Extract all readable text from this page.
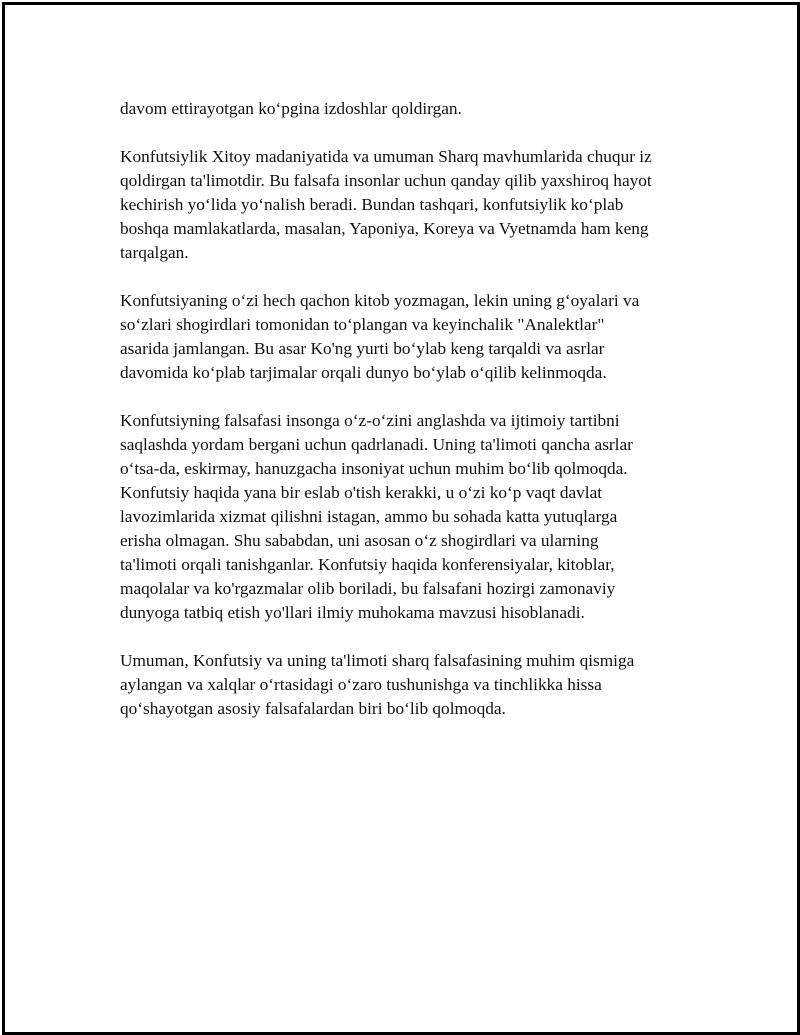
davom ettirayotgan ko‘pgina izdoshlar qoldirgan.

Konfutsiylik Xitoy madaniyatida va umuman Sharq mavhumlarida chuqur iz
qoldirgan ta'limotdir. Bu falsafa insonlar uchun qanday qilib yaxshiroq hayot
kechirish yo‘lida yo‘nalish beradi. Bundan tashqari, konfutsiylik ko‘plab
boshqa mamlakatlarda, masalan, Yaponiya, Koreya va Vyetnamda ham keng
tarqalgan.

Konfutsiyaning o‘zi hech qachon kitob yozmagan, lekin uning g‘oyalari va
so‘zlari shogirdlari tomonidan to‘plangan va keyinchalik "Analektlar"
asarida jamlangan. Bu asar Ko'ng yurti bo‘ylab keng tarqaldi va asrlar
davomida ko‘plab tarjimalar orqali dunyo bo‘ylab o‘qilib kelinmoqda.

Konfutsiyning falsafasi insonga o‘z-o‘zini anglashda va ijtimoiy tartibni
saqlashda yordam bergani uchun qadrlanadi. Uning ta'limoti qancha asrlar
o‘tsa-da, eskirmay, hanuzgacha insoniyat uchun muhim bo‘lib qolmoqda.
Konfutsiy haqida yana bir eslab o'tish kerakki, u o‘zi ko‘p vaqt davlat
lavozimlarida xizmat qilishni istagan, ammo bu sohada katta yutuqlarga
erisha olmagan. Shu sababdan, uni asosan o‘z shogirdlari va ularning
ta'limoti orqali tanishganlar. Konfutsiy haqida konferensiyalar, kitoblar,
maqolalar va ko'rgazmalar olib boriladi, bu falsafani hozirgi zamonaviy
dunyoga tatbiq etish yo'llari ilmiy muhokama mavzusi hisoblanadi.

Umuman, Konfutsiy va uning ta'limoti sharq falsafasining muhim qismiga
aylangan va xalqlar o‘rtasidagi o‘zaro tushunishga va tinchlikka hissa
qo‘shayotgan asosiy falsafalardan biri bo‘lib qolmoqda.
